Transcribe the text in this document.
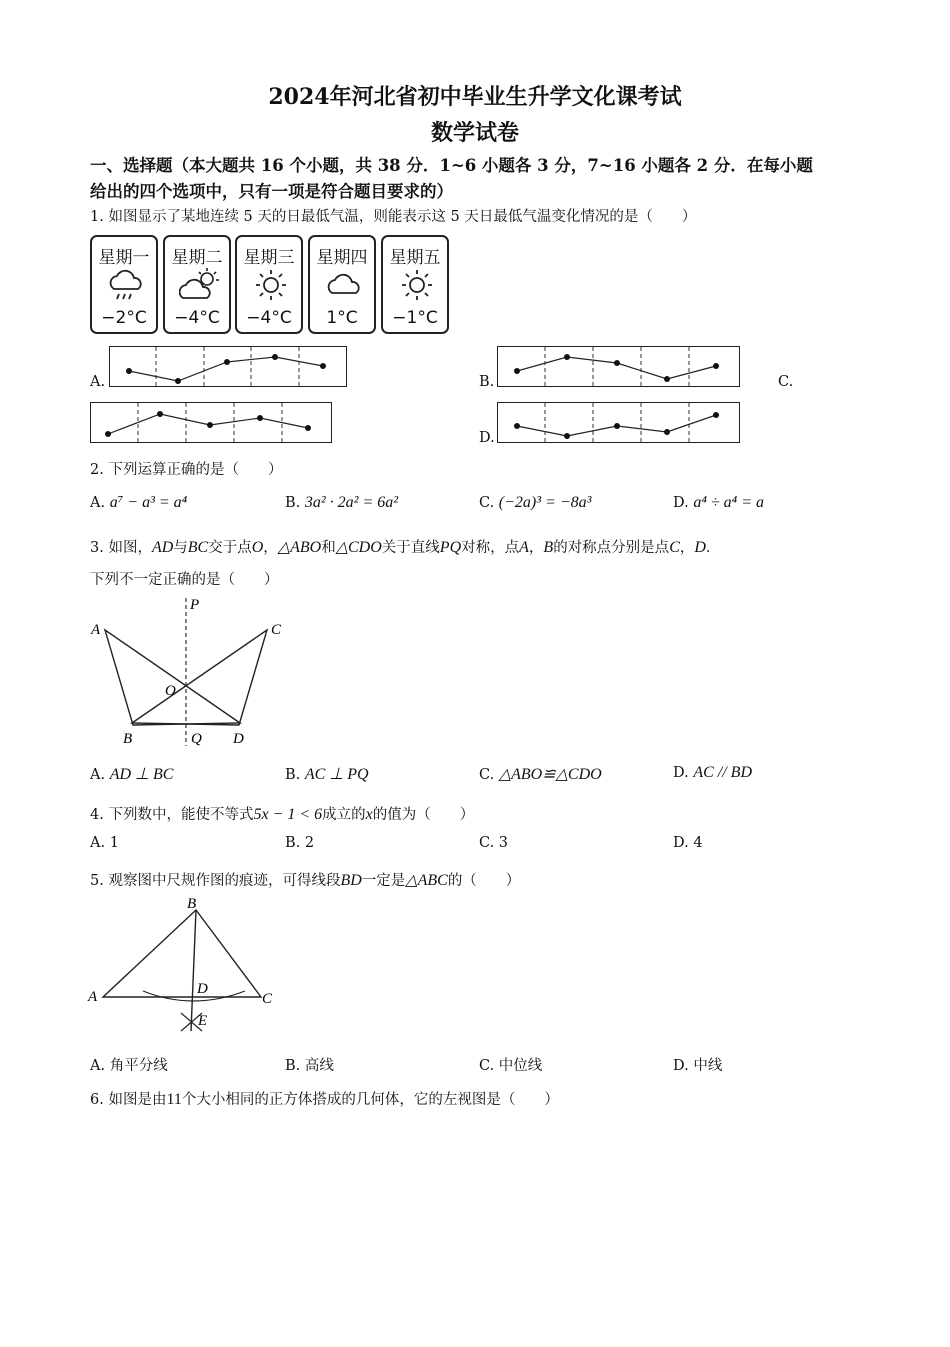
2024年河北省初中毕业生升学文化课考试
数学试卷
一、选择题（本大题共 16 个小题，共 38 分．1~6 小题各 3 分，7~16 小题各 2 分．在每小题
给出的四个选项中，只有一项是符合题目要求的）
1. 如图显示了某地连续 5 天的日最低气温，则能表示这 5 天日最低气温变化情况的是（　　）
星期一
−2°C
星期二
−4°C
星期三
−4°C
星期四
1°C
星期五
−1°C
A.	B.	C.
D.
2. 下列运算正确的是（　　）
A. a⁷ − a³ = a⁴	B. 3a² · 2a² = 6a²	C. (−2a)³ = −8a³	D. a⁴ ÷ a⁴ = a
3. 如图，AD与BC交于点O，△ABO和△CDO关于直线PQ对称，点A，B的对称点分别是点C，D．
下列不一定正确的是（　　）
P
A	C
O
B	Q D
A. AD ⊥ BC	B. AC ⊥ PQ	C. △ABO≌△CDO	D. AC // BD
4. 下列数中，能使不等式5x − 1 < 6成立的x的值为（　　）
A. 1	B. 2	C. 3	D. 4
5. 观察图中尺规作图的痕迹，可得线段BD一定是△ABC的（　　）
B
A	D
C
E
A. 角平分线	B. 高线	C. 中位线	D. 中线
6. 如图是由11个大小相同的正方体搭成的几何体，它的左视图是（　　）
